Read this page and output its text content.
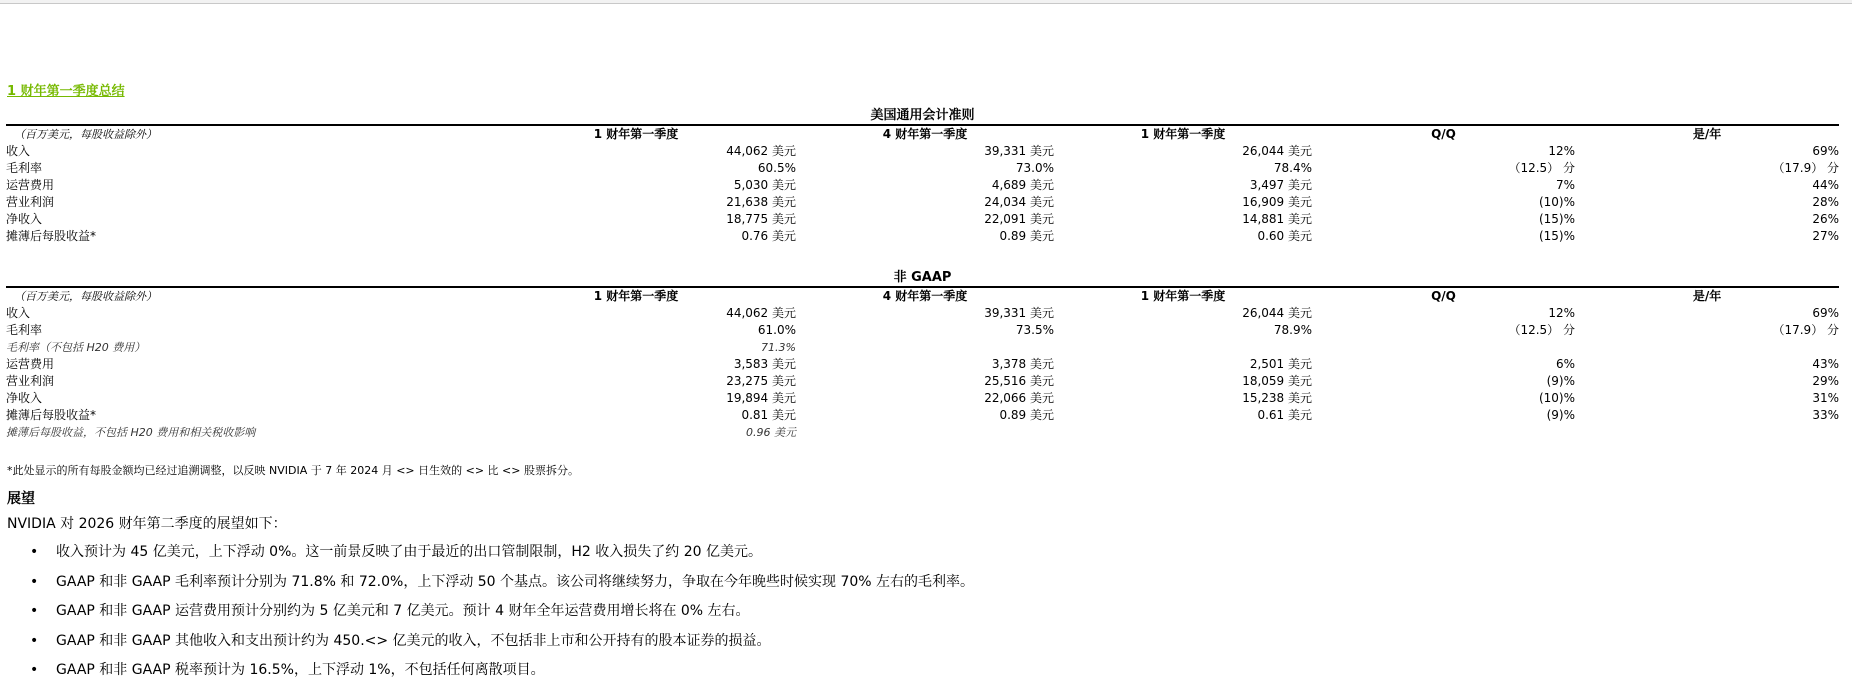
1 财年第一季度总结
美国通用会计准则					
（百万美元，每股收益除外）	1 财年第一季度	4 财年第一季度	1 财年第一季度	Q/Q	是/年
收入	44,062 美元	39,331 美元	26,044 美元	12%	69%
毛利率	60.5%	73.0%	78.4%	（12.5） 分	（17.9） 分
运营费用	5,030 美元	4,689 美元	3,497 美元	7%	44%
营业利润	21,638 美元	24,034 美元	16,909 美元	(10)%	28%
净收入	18,775 美元	22,091 美元	14,881 美元	(15)%	26%
摊薄后每股收益*	0.76 美元	0.89 美元	0.60 美元	(15)%	27%
非 GAAP					
（百万美元，每股收益除外）	1 财年第一季度	4 财年第一季度	1 财年第一季度	Q/Q	是/年
收入	44,062 美元	39,331 美元	26,044 美元	12%	69%
毛利率	61.0%	73.5%	78.9%	（12.5） 分	（17.9） 分
毛利率（不包括 H20 费用）	71.3%				
运营费用	3,583 美元	3,378 美元	2,501 美元	6%	43%
营业利润	23,275 美元	25,516 美元	18,059 美元	(9)%	29%
净收入	19,894 美元	22,066 美元	15,238 美元	(10)%	31%
摊薄后每股收益*	0.81 美元	0.89 美元	0.61 美元	(9)%	33%
摊薄后每股收益，不包括 H20 费用和相关税收影响	0.96 美元				
*此处显示的所有每股金额均已经过追溯调整，以反映 NVIDIA 于 7 年 2024 月 <> 日生效的 <> 比 <> 股票拆分。
展望
NVIDIA 对 2026 财年第二季度的展望如下：
• 收入预计为 45 亿美元，上下浮动 0%。这一前景反映了由于最近的出口管制限制，H2 收入损失了约 20 亿美元。
• GAAP 和非 GAAP 毛利率预计分别为 71.8% 和 72.0%，上下浮动 50 个基点。该公司将继续努力，争取在今年晚些时候实现 70% 左右的毛利率。
• GAAP 和非 GAAP 运营费用预计分别约为 5 亿美元和 7 亿美元。预计 4 财年全年运营费用增长将在 0% 左右。
• GAAP 和非 GAAP 其他收入和支出预计约为 450.<> 亿美元的收入，不包括非上市和公开持有的股本证券的损益。
• GAAP 和非 GAAP 税率预计为 16.5%，上下浮动 1%，不包括任何离散项目。
